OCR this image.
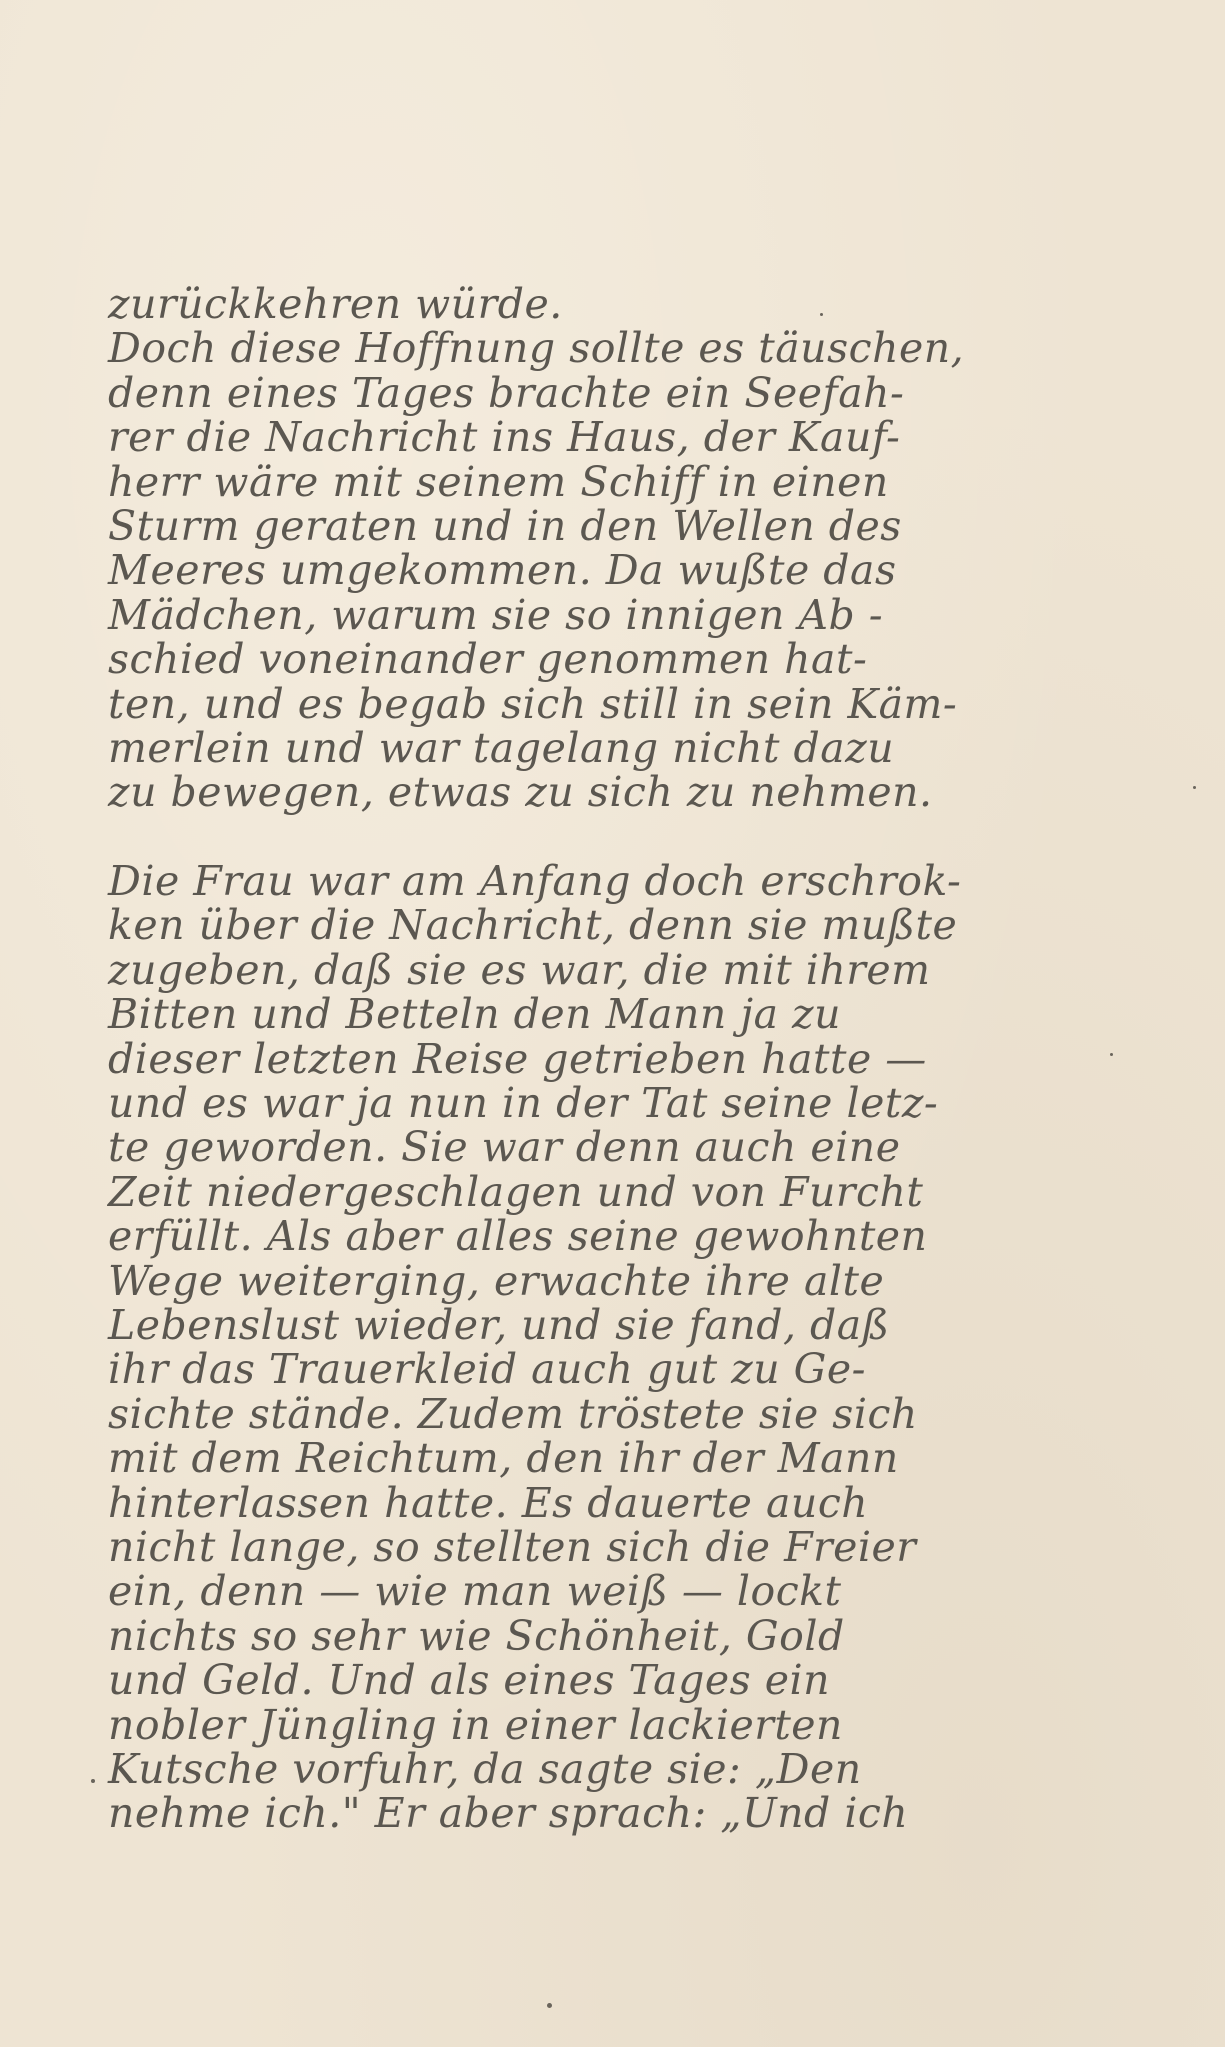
zurückkehren würde.
Doch diese Hoffnung sollte es täuschen,
denn eines Tages brachte ein Seefah-
rer die Nachricht ins Haus, der Kauf-
herr wäre mit seinem Schiff in einen
Sturm geraten und in den Wellen des
Meeres umgekommen. Da wußte das
Mädchen, warum sie so innigen Ab -
schied voneinander genommen hat-
ten, und es begab sich still in sein Käm-
merlein und war tagelang nicht dazu
zu bewegen, etwas zu sich zu nehmen.
Die Frau war am Anfang doch erschrok-
ken über die Nachricht, denn sie mußte
zugeben, daß sie es war, die mit ihrem
Bitten und Betteln den Mann ja zu
dieser letzten Reise getrieben hatte —
und es war ja nun in der Tat seine letz-
te geworden. Sie war denn auch eine
Zeit niedergeschlagen und von Furcht
erfüllt. Als aber alles seine gewohnten
Wege weiterging, erwachte ihre alte
Lebenslust wieder, und sie fand, daß
ihr das Trauerkleid auch gut zu Ge-
sichte stände. Zudem tröstete sie sich
mit dem Reichtum, den ihr der Mann
hinterlassen hatte. Es dauerte auch
nicht lange, so stellten sich die Freier
ein, denn — wie man weiß — lockt
nichts so sehr wie Schönheit, Gold
und Geld. Und als eines Tages ein
nobler Jüngling in einer lackierten
Kutsche vorfuhr, da sagte sie: „Den
nehme ich." Er aber sprach: „Und ich
